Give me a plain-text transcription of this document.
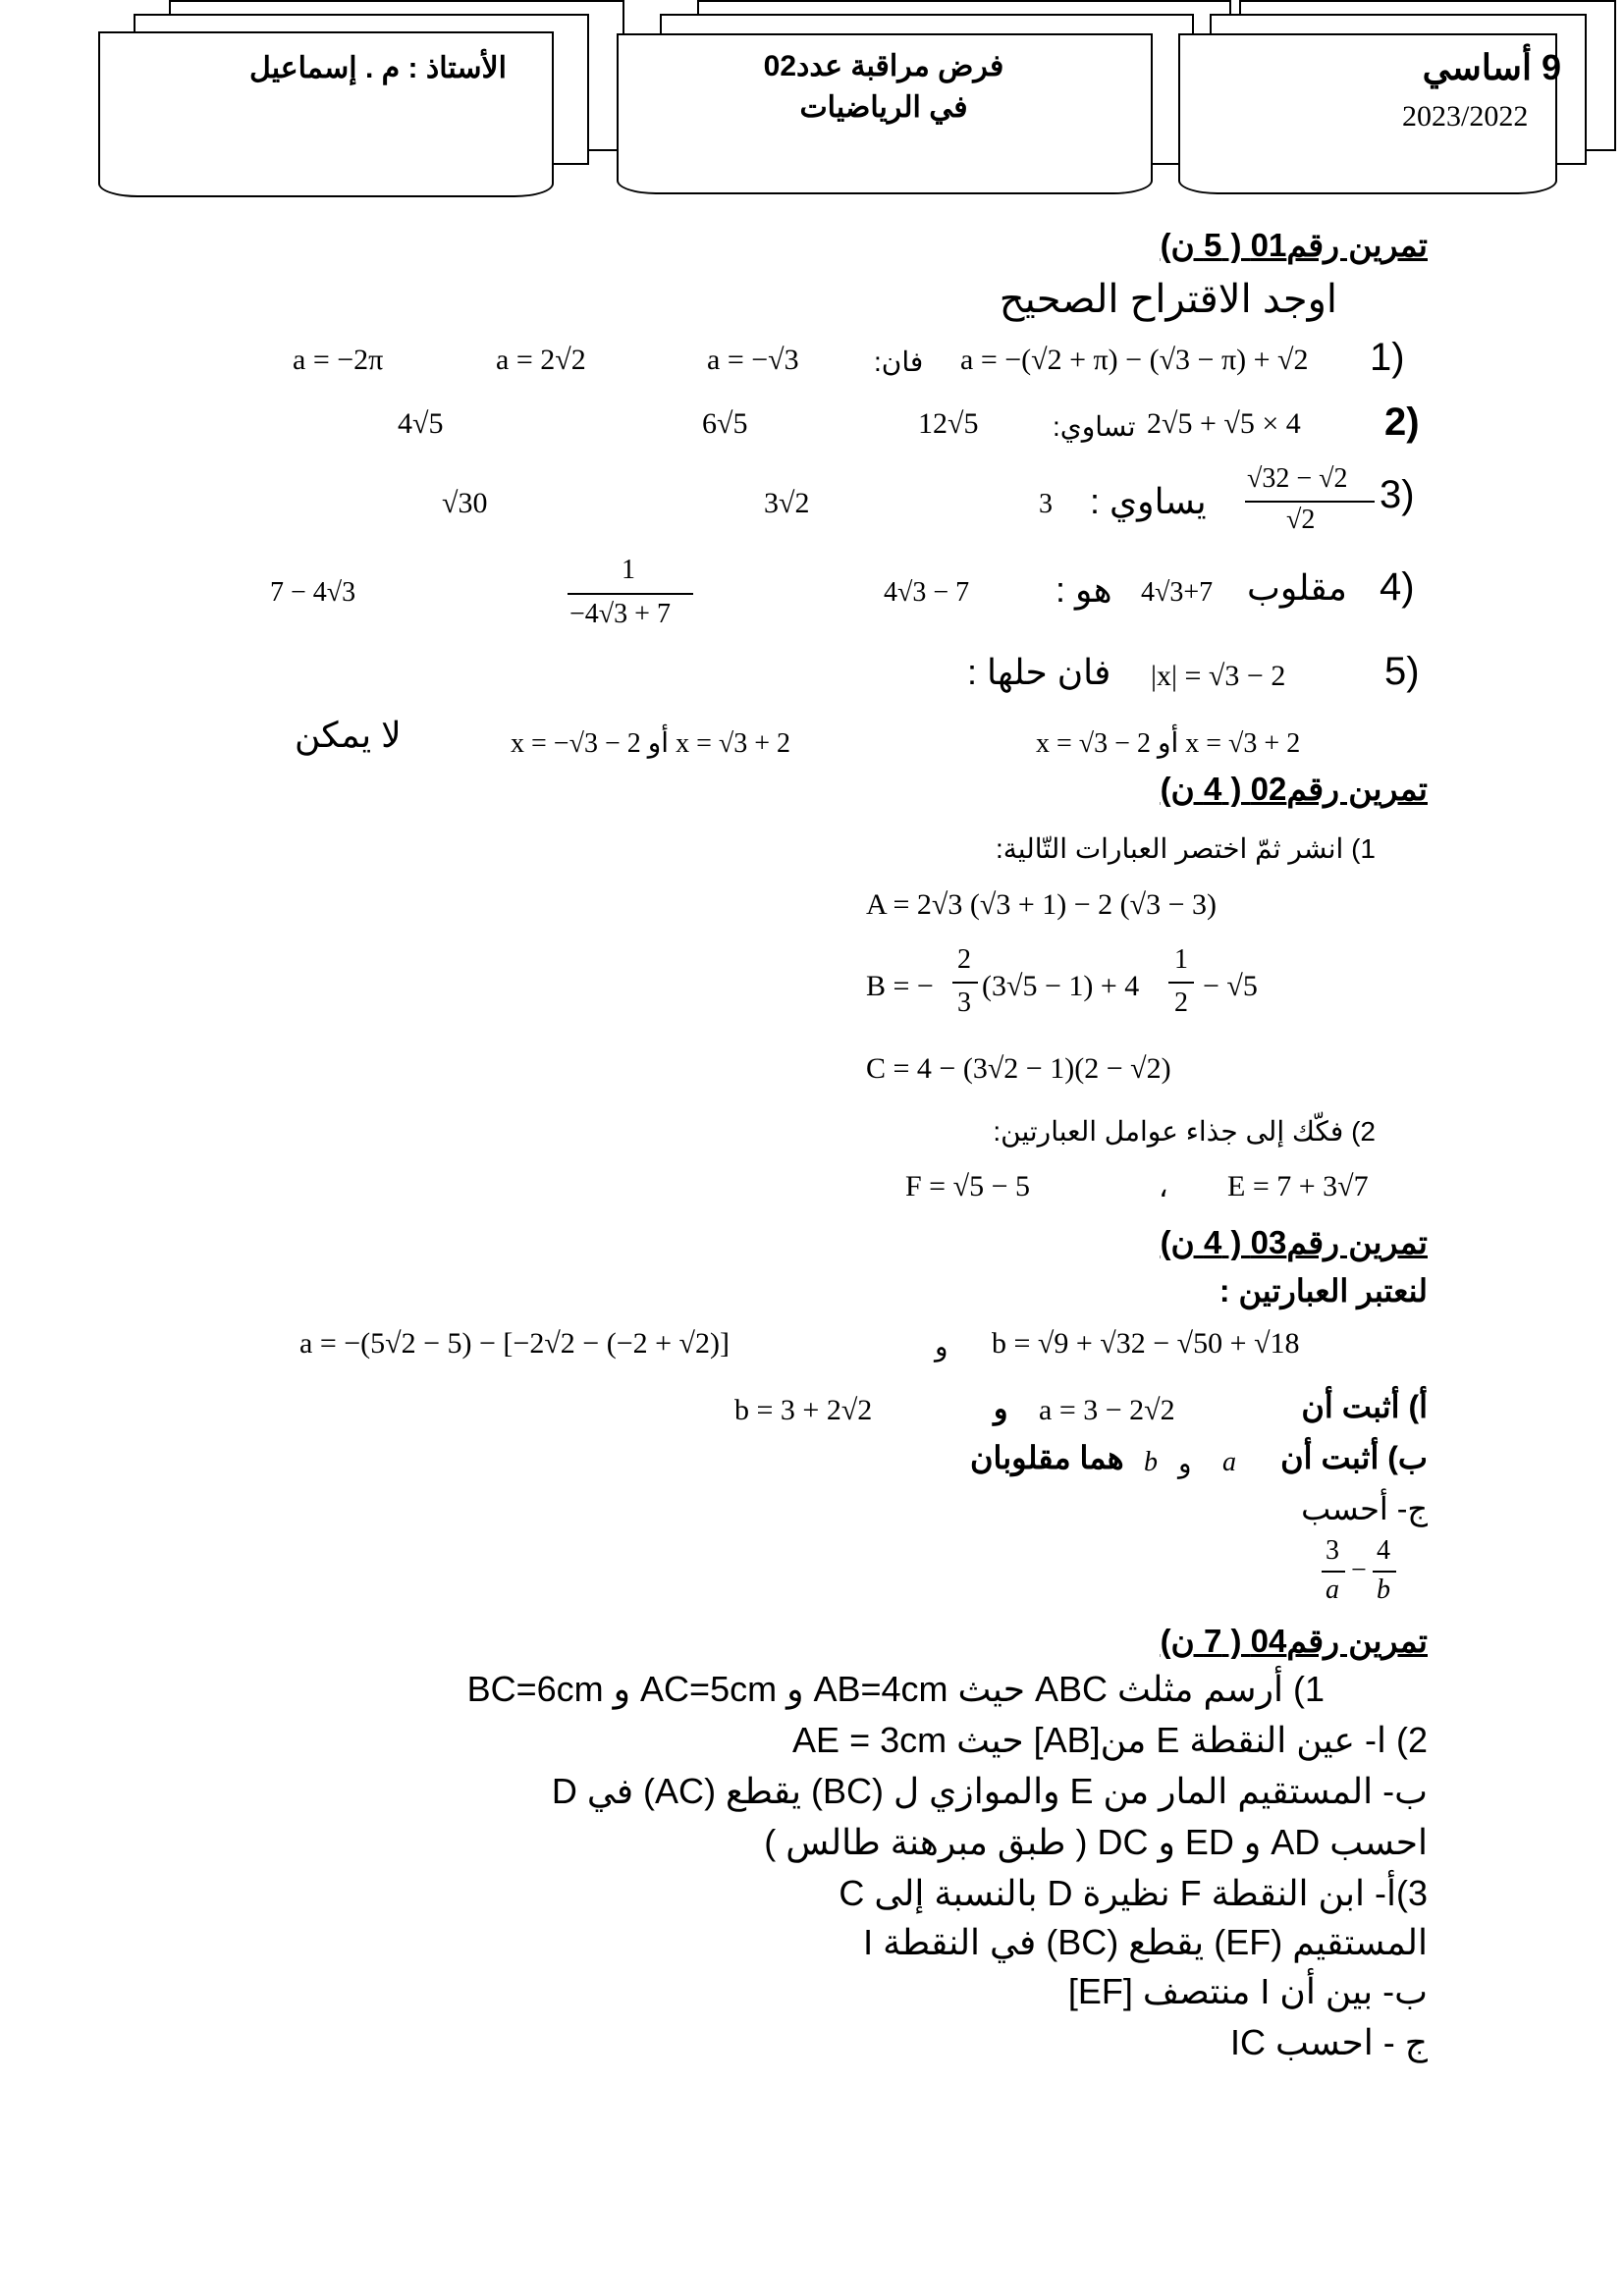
الأستاذ : م . إسماعيل	فرض مراقبة عدد02
في الرياضيات
9 أساسي
2023/2022
تمرين رقم01 ( 5 ن)
اوجد الاقتراح الصحيح
1)
a = −(√2 + π) − (√3 − π) + √2
فان:
a = −√3
a = 2√2
a = −2π
2)
2√5 + √5 × 4
تساوي:
12√5
6√5
4√5
3)
√32 − √2
√2
يساوي :
3
3√2
√30
4)
مقلوب
4√3+7
هو :
4√3 − 7
1
−4√3 + 7
7 − 4√3
5)
|x| = √3 − 2
فان حلها :
x = √3 + 2 أو x = √3 − 2
x = √3 + 2 أو x = −√3 − 2
لا يمكن
تمرين رقم02 ( 4 ن)
1) انشر ثمّ اختصر العبارات التّالية:
A = 2√3 (√3 + 1) − 2 (√3 − 3)
B = −
2
3
(3√5 − 1) + 4
1
2
− √5
C = 4 − (3√2 − 1)(2 − √2)
2) فكّك إلى جذاء عوامل العبارتين:
E = 7 + 3√7
،
F = √5 − 5
تمرين رقم03 ( 4 ن)
لنعتبر العبارتين :
b = √9 + √32 − √50 + √18
و
a = −(5√2 − 5) − [−2√2 − (−2 + √2)]
أ) أثبت أن
a = 3 − 2√2
و
b = 3 + 2√2
ب) أثبت أن
a
و
b
هما مقلوبان
ج- أحسب
3
a
−
4
b
تمرين رقم04 ( 7 ن)
1) أرسم مثلث ABC حيث AB=4cm و AC=5cm و BC=6cm
2) ا- عين النقطة E من[AB] حيث AE = 3cm
ب- المستقيم المار من E والموازي ل (BC) يقطع (AC) في D
احسب AD و ED و DC ( طبق مبرهنة طالس )
3)أ- ابن النقطة F نظيرة D بالنسبة إلى C
المستقيم (EF) يقطع (BC) في النقطة I
ب- بين أن I منتصف [EF]
ج - احسب IC
